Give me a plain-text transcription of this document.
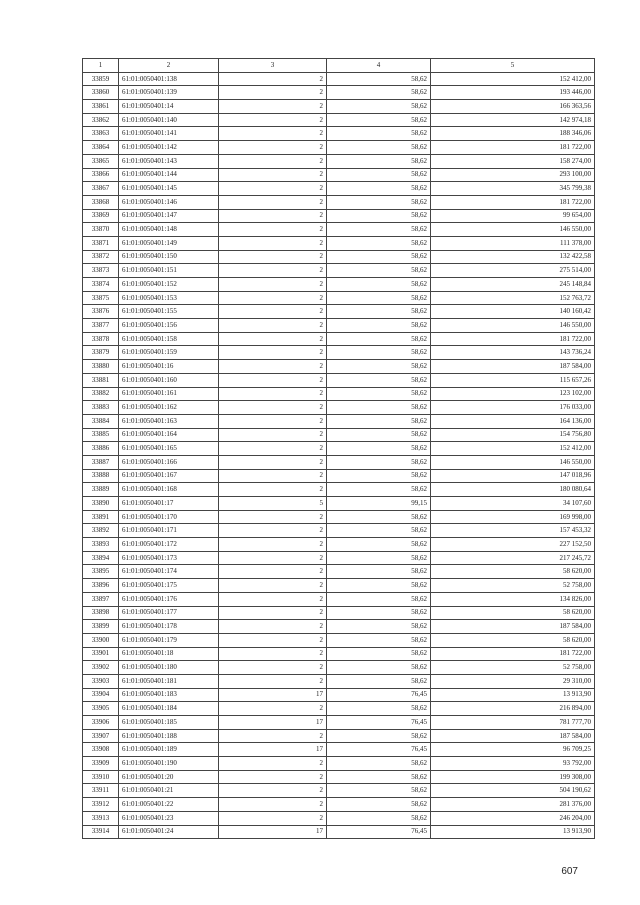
1	2	3	4	5
33859	61:01:0050401:138	2	58,62	152 412,00
33860	61:01:0050401:139	2	58,62	193 446,00
33861	61:01:0050401:14	2	58,62	166 363,56
33862	61:01:0050401:140	2	58,62	142 974,18
33863	61:01:0050401:141	2	58,62	188 346,06
33864	61:01:0050401:142	2	58,62	181 722,00
33865	61:01:0050401:143	2	58,62	158 274,00
33866	61:01:0050401:144	2	58,62	293 100,00
33867	61:01:0050401:145	2	58,62	345 799,38
33868	61:01:0050401:146	2	58,62	181 722,00
33869	61:01:0050401:147	2	58,62	99 654,00
33870	61:01:0050401:148	2	58,62	146 550,00
33871	61:01:0050401:149	2	58,62	111 378,00
33872	61:01:0050401:150	2	58,62	132 422,58
33873	61:01:0050401:151	2	58,62	275 514,00
33874	61:01:0050401:152	2	58,62	245 148,84
33875	61:01:0050401:153	2	58,62	152 763,72
33876	61:01:0050401:155	2	58,62	140 160,42
33877	61:01:0050401:156	2	58,62	146 550,00
33878	61:01:0050401:158	2	58,62	181 722,00
33879	61:01:0050401:159	2	58,62	143 736,24
33880	61:01:0050401:16	2	58,62	187 584,00
33881	61:01:0050401:160	2	58,62	115 657,26
33882	61:01:0050401:161	2	58,62	123 102,00
33883	61:01:0050401:162	2	58,62	176 033,00
33884	61:01:0050401:163	2	58,62	164 136,00
33885	61:01:0050401:164	2	58,62	154 756,80
33886	61:01:0050401:165	2	58,62	152 412,00
33887	61:01:0050401:166	2	58,62	146 550,00
33888	61:01:0050401:167	2	58,62	147 018,96
33889	61:01:0050401:168	2	58,62	180 080,64
33890	61:01:0050401:17	5	99,15	34 107,60
33891	61:01:0050401:170	2	58,62	169 998,00
33892	61:01:0050401:171	2	58,62	157 453,32
33893	61:01:0050401:172	2	58,62	227 152,50
33894	61:01:0050401:173	2	58,62	217 245,72
33895	61:01:0050401:174	2	58,62	58 620,00
33896	61:01:0050401:175	2	58,62	52 758,00
33897	61:01:0050401:176	2	58,62	134 826,00
33898	61:01:0050401:177	2	58,62	58 620,00
33899	61:01:0050401:178	2	58,62	187 584,00
33900	61:01:0050401:179	2	58,62	58 620,00
33901	61:01:0050401:18	2	58,62	181 722,00
33902	61:01:0050401:180	2	58,62	52 758,00
33903	61:01:0050401:181	2	58,62	29 310,00
33904	61:01:0050401:183	17	76,45	13 913,90
33905	61:01:0050401:184	2	58,62	216 894,00
33906	61:01:0050401:185	17	76,45	781 777,70
33907	61:01:0050401:188	2	58,62	187 584,00
33908	61:01:0050401:189	17	76,45	96 709,25
33909	61:01:0050401:190	2	58,62	93 792,00
33910	61:01:0050401:20	2	58,62	199 308,00
33911	61:01:0050401:21	2	58,62	504 190,62
33912	61:01:0050401:22	2	58,62	281 376,00
33913	61:01:0050401:23	2	58,62	246 204,00
33914	61:01:0050401:24	17	76,45	13 913,90
607
